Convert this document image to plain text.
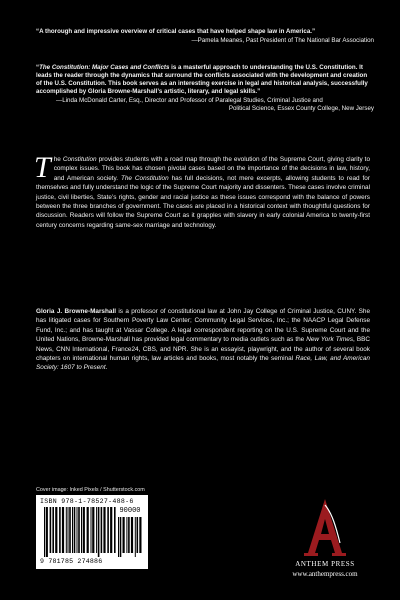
“A thorough and impressive overview of critical cases that have helped shape law in America.”
—Pamela Meanes, Past President of The National Bar Association
“The Constitution: Major Cases and Conflicts is a masterful approach to understanding the U.S. Constitution. It leads the reader through the dynamics that surround the conflicts associated with the development and creation of the U.S. Constitution. This book serves as an interesting exercise in legal and historical analysis, successfully accomplished by Gloria Browne-Marshall’s artistic, literary, and legal skills.”
—Linda McDonald Carter, Esq., Director and Professor of Paralegal Studies, Criminal Justice and
Political Science, Essex County College, New Jersey
The Constitution provides students with a road map through the evolution of the Supreme Court, giving clarity to complex issues. This book has chosen pivotal cases based on the importance of the decisions in law, history, and American society. The Constitution has full decisions, not mere excerpts, allowing students to read for themselves and fully understand the logic of the Supreme Court majority and dissenters. These cases involve criminal justice, civil liberties, State’s rights, gender and racial justice as these issues correspond with the balance of powers between the three branches of government. The cases are placed in a historical context with thoughtful questions for discussion. Readers will follow the Supreme Court as it grapples with slavery in early colonial America to twenty-first century concerns regarding same-sex marriage and technology.
Gloria J. Browne-Marshall is a professor of constitutional law at John Jay College of Criminal Justice, CUNY. She has litigated cases for Southern Poverty Law Center; Community Legal Services, Inc.; the NAACP Legal Defense Fund, Inc.; and has taught at Vassar College. A legal correspondent reporting on the U.S. Supreme Court and the United Nations, Browne-Marshall has provided legal commentary to media outlets such as the New York Times, BBC News, CNN International, France24, CBS, and NPR. She is an essayist, playwright, and the author of several book chapters on international human rights, law articles and books, most notably the seminal Race, Law, and American Society: 1607 to Present.
Cover image: Inked Pixels / Shutterstock.com
ISBN 978-1-78527-488-6
90000
9 781785 274886	ANTHEM PRESS
www.anthempress.com
